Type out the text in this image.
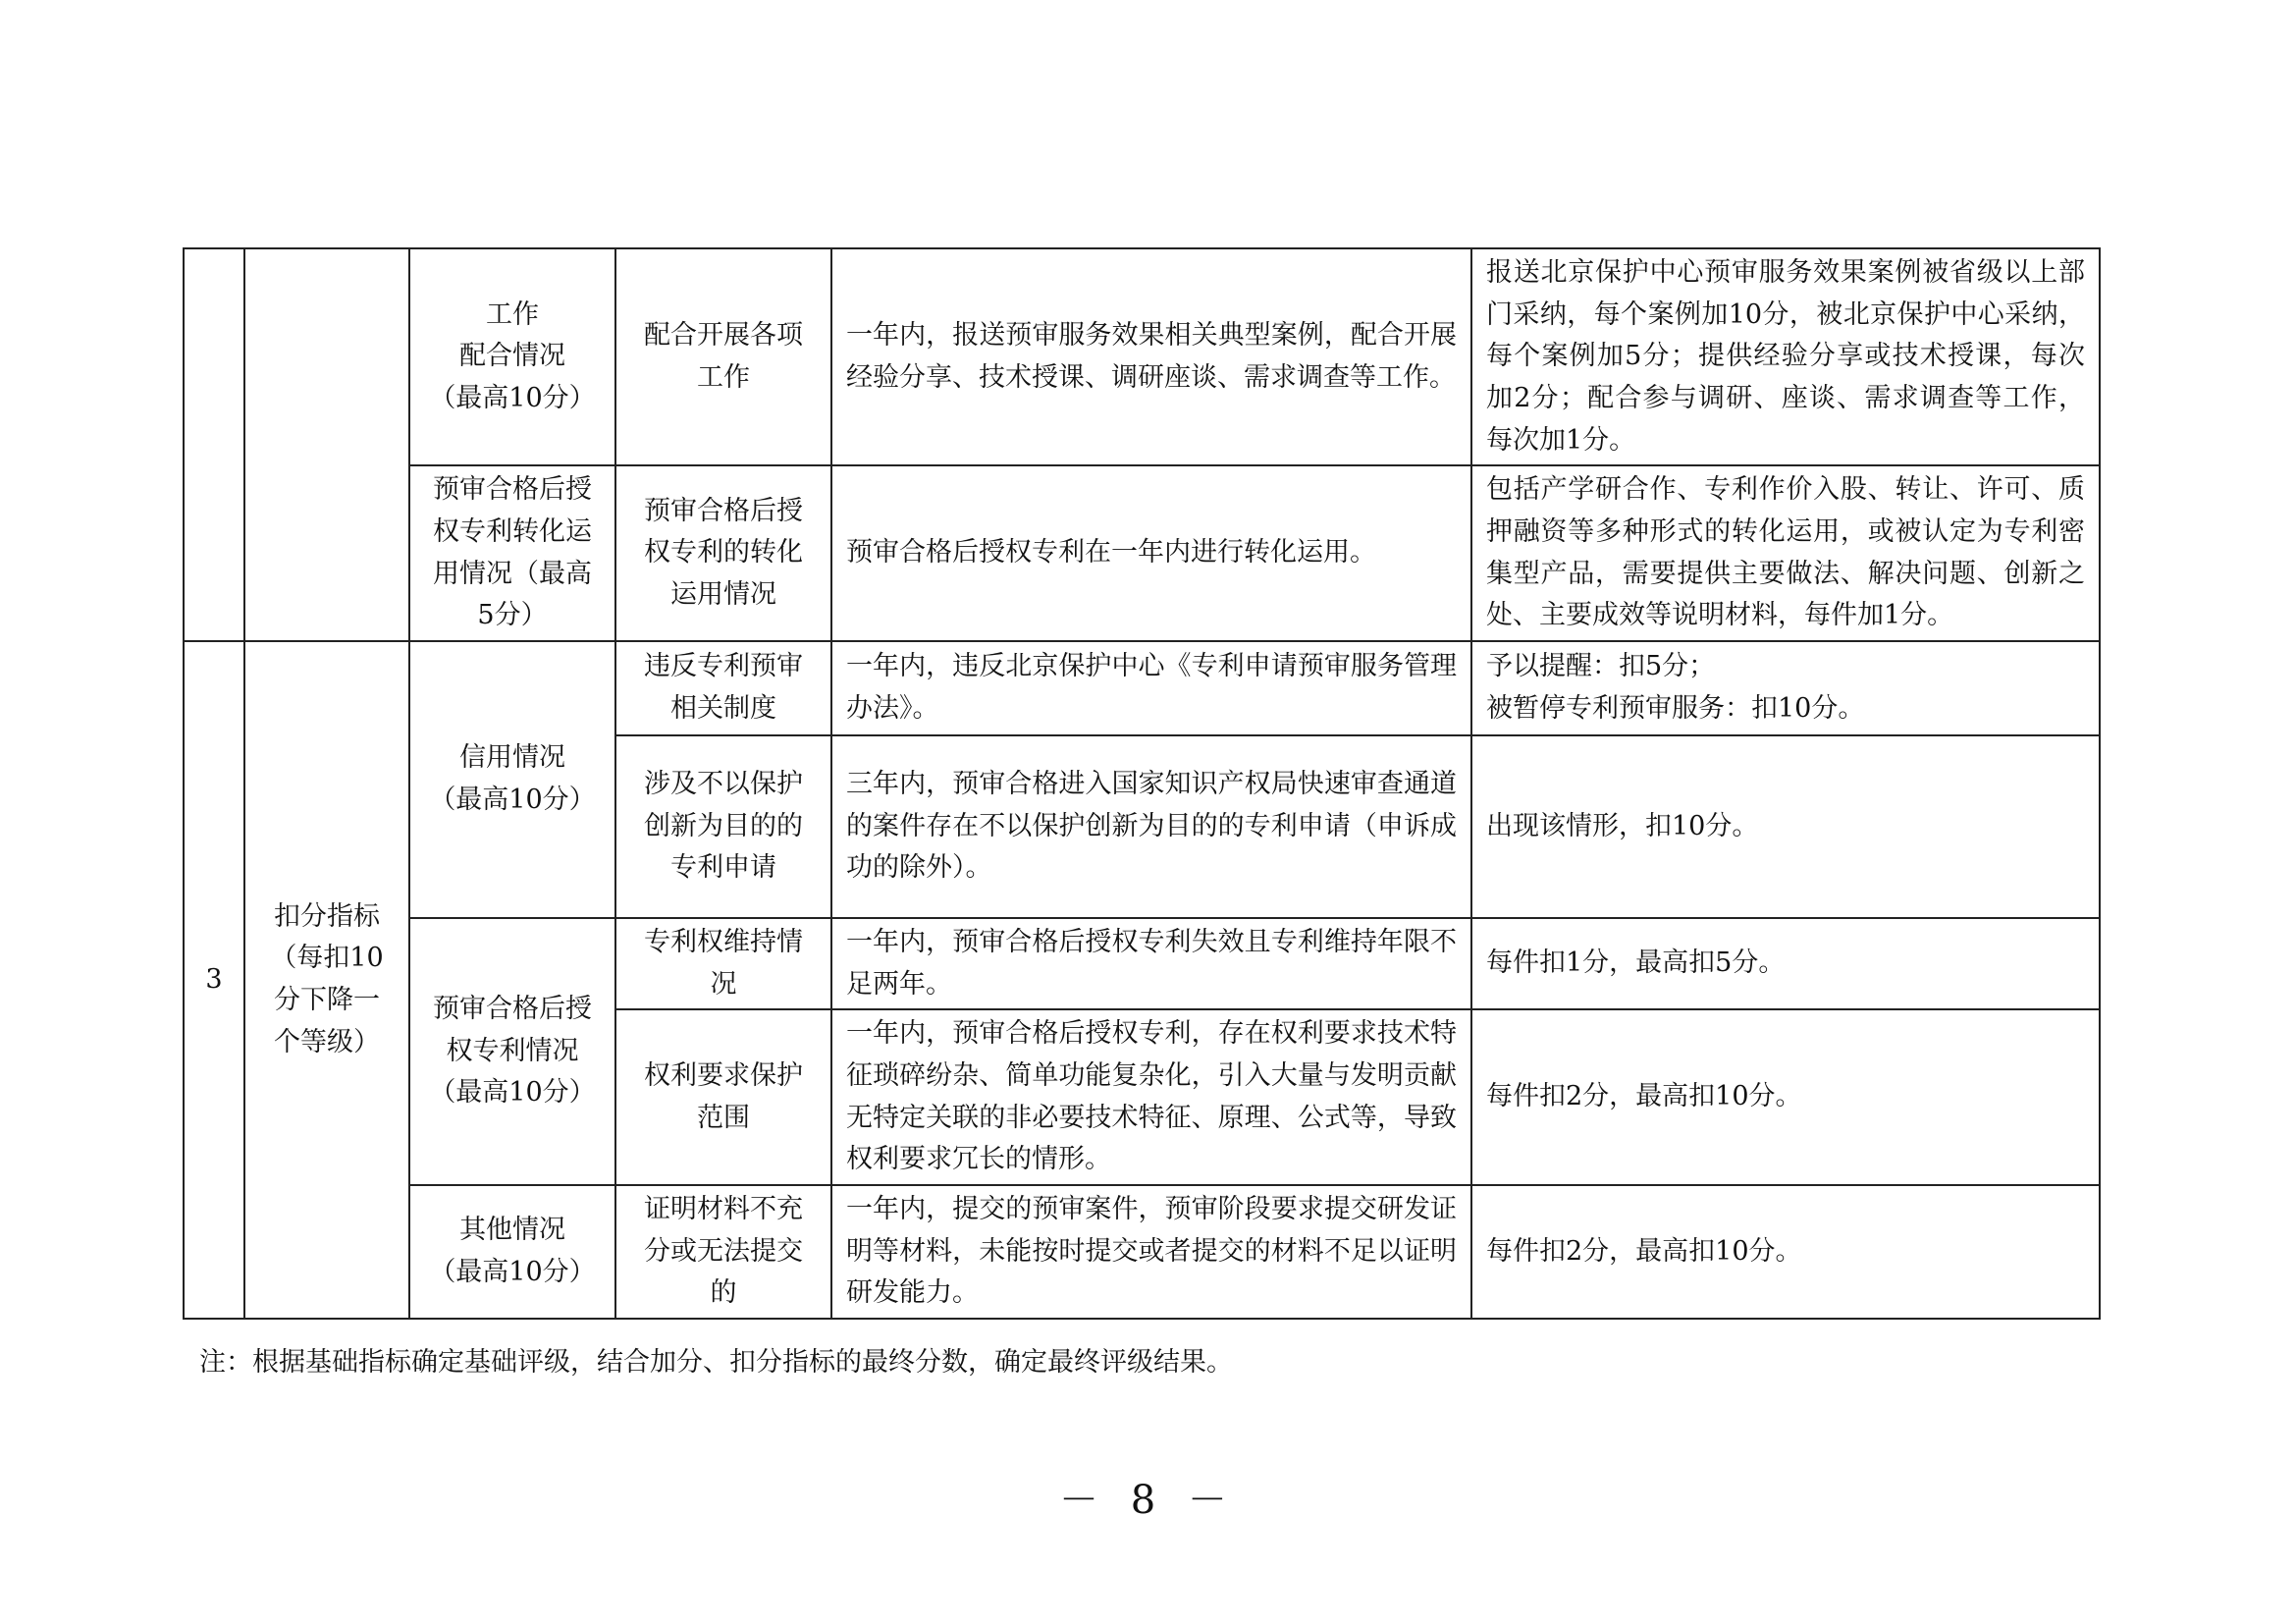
		工作
配合情况
（最高10分）	配合开展各项
工作	一年内，报送预审服务效果相关典型案例，配合开展经验分享、技术授课、调研座谈、需求调查等工作。	报送北京保护中心预审服务效果案例被省级以上部门采纳，每个案例加10分，被北京保护中心采纳，每个案例加5分；提供经验分享或技术授课，每次加2分；配合参与调研、座谈、需求调查等工作，每次加1分。
		预审合格后授
权专利转化运
用情况（最高
5分）	预审合格后授
权专利的转化
运用情况	预审合格后授权专利在一年内进行转化运用。	包括产学研合作、专利作价入股、转让、许可、质押融资等多种形式的转化运用，或被认定为专利密集型产品，需要提供主要做法、解决问题、创新之处、主要成效等说明材料，每件加1分。
3	扣分指标
（每扣10
分下降一
个等级）	信用情况
（最高10分）	违反专利预审
相关制度	一年内，违反北京保护中心《专利申请预审服务管理办法》。	予以提醒：扣5分；
被暂停专利预审服务：扣10分。
			涉及不以保护
创新为目的的
专利申请	三年内，预审合格进入国家知识产权局快速审查通道的案件存在不以保护创新为目的的专利申请（申诉成功的除外）。	出现该情形，扣10分。
		预审合格后授
权专利情况
（最高10分）	专利权维持情
况	一年内，预审合格后授权专利失效且专利维持年限不足两年。	每件扣1分，最高扣5分。
			权利要求保护
范围	一年内，预审合格后授权专利，存在权利要求技术特征琐碎纷杂、简单功能复杂化，引入大量与发明贡献无特定关联的非必要技术特征、原理、公式等，导致权利要求冗长的情形。	每件扣2分，最高扣10分。
		其他情况
（最高10分）	证明材料不充
分或无法提交
的	一年内，提交的预审案件，预审阶段要求提交研发证明等材料，未能按时提交或者提交的材料不足以证明研发能力。	每件扣2分，最高扣10分。
注：根据基础指标确定基础评级，结合加分、扣分指标的最终分数，确定最终评级结果。
－ 8 －
